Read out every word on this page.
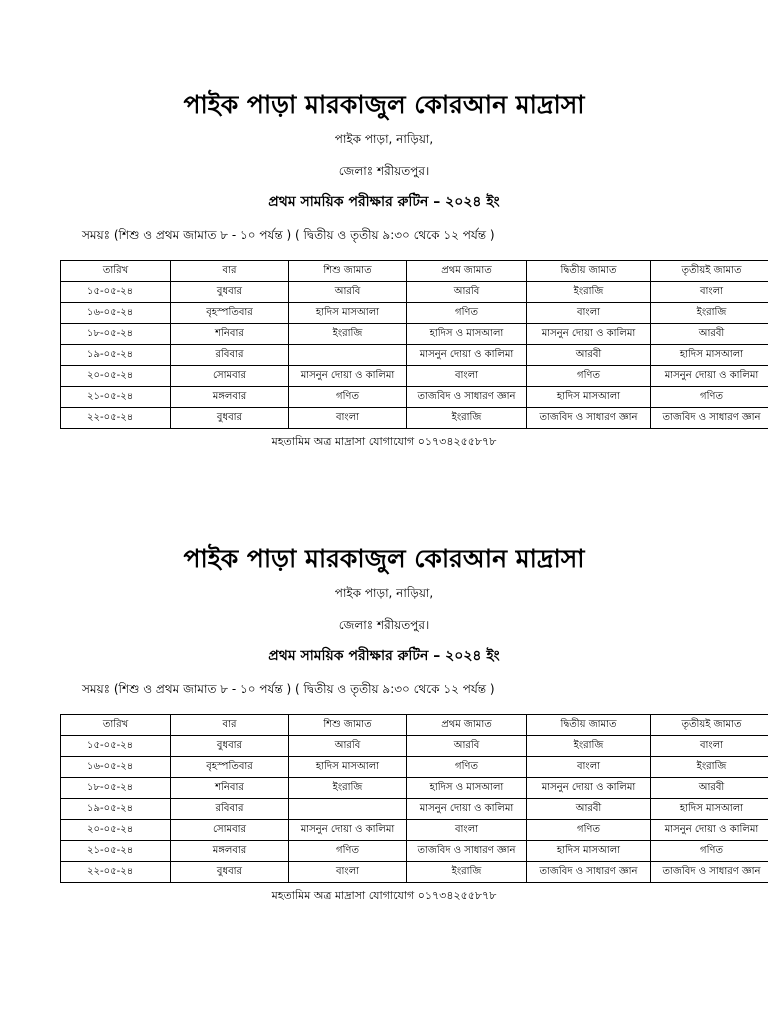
পাইক পাড়া মারকাজুল কোরআন মাদ্রাসা
পাইক পাড়া, নাড়িয়া,
জেলাঃ শরীয়তপুর।
প্রথম সাময়িক পরীক্ষার রুটিন – ২০২৪ ইং
সময়ঃ (শিশু ও প্রথম জামাত ৮ - ১০ পর্যন্ত ) ( দ্বিতীয় ও তৃতীয় ৯:৩০ থেকে ১২ পর্যন্ত )
তারিখ	বার	শিশু জামাত	প্রথম জামাত	দ্বিতীয় জামাত	তৃতীয়ই জামাত
১৫-০৫-২৪	বুধবার	আরবি	আরবি	ইংরাজি	বাংলা
১৬-০৫-২৪	বৃহস্পতিবার	হাদিস মাসআলা	গণিত	বাংলা	ইংরাজি
১৮-০৫-২৪	শনিবার	ইংরাজি	হাদিস ও মাসআলা	মাসনুন দোয়া ও কালিমা	আরবী
১৯-০৫-২৪	রবিবার		মাসনুন দোয়া ও কালিমা	আরবী	হাদিস মাসআলা
২০-০৫-২৪	সোমবার	মাসনুন দোয়া ও কালিমা	বাংলা	গণিত	মাসনুন দোয়া ও কালিমা
২১-০৫-২৪	মঙ্গলবার	গণিত	তাজবিদ ও সাধারণ জ্ঞান	হাদিস মাসআলা	গণিত
২২-০৫-২৪	বুধবার	বাংলা	ইংরাজি	তাজবিদ ও সাধারণ জ্ঞান	তাজবিদ ও সাধারণ জ্ঞান
মহতামিম অত্র মাদ্রাসা যোগাযোগ ০১৭৩৪২৫৫৮৭৮
পাইক পাড়া মারকাজুল কোরআন মাদ্রাসা
পাইক পাড়া, নাড়িয়া,
জেলাঃ শরীয়তপুর।
প্রথম সাময়িক পরীক্ষার রুটিন – ২০২৪ ইং
সময়ঃ (শিশু ও প্রথম জামাত ৮ - ১০ পর্যন্ত ) ( দ্বিতীয় ও তৃতীয় ৯:৩০ থেকে ১২ পর্যন্ত )
তারিখ	বার	শিশু জামাত	প্রথম জামাত	দ্বিতীয় জামাত	তৃতীয়ই জামাত
১৫-০৫-২৪	বুধবার	আরবি	আরবি	ইংরাজি	বাংলা
১৬-০৫-২৪	বৃহস্পতিবার	হাদিস মাসআলা	গণিত	বাংলা	ইংরাজি
১৮-০৫-২৪	শনিবার	ইংরাজি	হাদিস ও মাসআলা	মাসনুন দোয়া ও কালিমা	আরবী
১৯-০৫-২৪	রবিবার		মাসনুন দোয়া ও কালিমা	আরবী	হাদিস মাসআলা
২০-০৫-২৪	সোমবার	মাসনুন দোয়া ও কালিমা	বাংলা	গণিত	মাসনুন দোয়া ও কালিমা
২১-০৫-২৪	মঙ্গলবার	গণিত	তাজবিদ ও সাধারণ জ্ঞান	হাদিস মাসআলা	গণিত
২২-০৫-২৪	বুধবার	বাংলা	ইংরাজি	তাজবিদ ও সাধারণ জ্ঞান	তাজবিদ ও সাধারণ জ্ঞান
মহতামিম অত্র মাদ্রাসা যোগাযোগ ০১৭৩৪২৫৫৮৭৮
